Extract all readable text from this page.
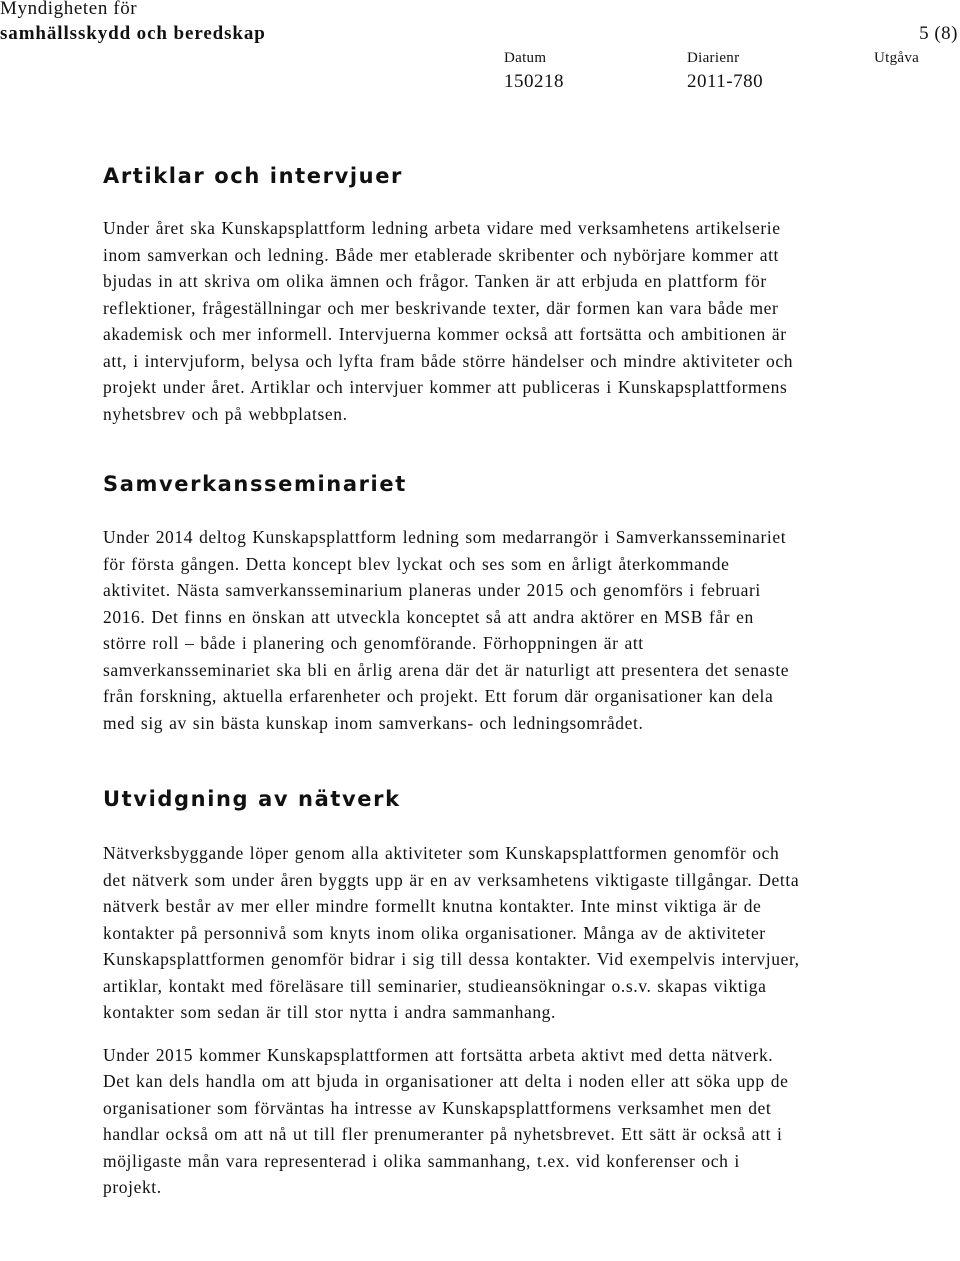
Myndigheten för
samhällsskydd och beredskap	5 (8)
Datum
150218
Diarienr
2011-780
Utgåva
Artiklar och intervjuer

Under året ska Kunskapsplattform ledning arbeta vidare med verksamhetens artikelserie inom samverkan och ledning. Både mer etablerade skribenter och nybörjare kommer att bjudas in att skriva om olika ämnen och frågor. Tanken är att erbjuda en plattform för reflektioner, frågeställningar och mer beskrivande texter, där formen kan vara både mer akademisk och mer informell. Intervjuerna kommer också att fortsätta och ambitionen är att, i intervjuform, belysa och lyfta fram både större händelser och mindre aktiviteter och projekt under året. Artiklar och intervjuer kommer att publiceras i Kunskapsplattformens nyhetsbrev och på webbplatsen.

Samverkansseminariet

Under 2014 deltog Kunskapsplattform ledning som medarrangör i Samverkansseminariet för första gången. Detta koncept blev lyckat och ses som en årligt återkommande aktivitet. Nästa samverkansseminarium planeras under 2015 och genomförs i februari 2016. Det finns en önskan att utveckla konceptet så att andra aktörer en MSB får en större roll – både i planering och genomförande. Förhoppningen är att samverkansseminariet ska bli en årlig arena där det är naturligt att presentera det senaste från forskning, aktuella erfarenheter och projekt. Ett forum där organisationer kan dela med sig av sin bästa kunskap inom samverkans- och ledningsområdet.

Utvidgning av nätverk

Nätverksbyggande löper genom alla aktiviteter som Kunskapsplattformen genomför och det nätverk som under åren byggts upp är en av verksamhetens viktigaste tillgångar. Detta nätverk består av mer eller mindre formellt knutna kontakter. Inte minst viktiga är de kontakter på personnivå som knyts inom olika organisationer. Många av de aktiviteter Kunskapsplattformen genomför bidrar i sig till dessa kontakter. Vid exempelvis intervjuer, artiklar, kontakt med föreläsare till seminarier, studieansökningar o.s.v. skapas viktiga kontakter som sedan är till stor nytta i andra sammanhang.

Under 2015 kommer Kunskapsplattformen att fortsätta arbeta aktivt med detta nätverk. Det kan dels handla om att bjuda in organisationer att delta i noden eller att söka upp de organisationer som förväntas ha intresse av Kunskapsplattformens verksamhet men det handlar också om att nå ut till fler prenumeranter på nyhetsbrevet. Ett sätt är också att i möjligaste mån vara representerad i olika sammanhang, t.ex. vid konferenser och i projekt.
